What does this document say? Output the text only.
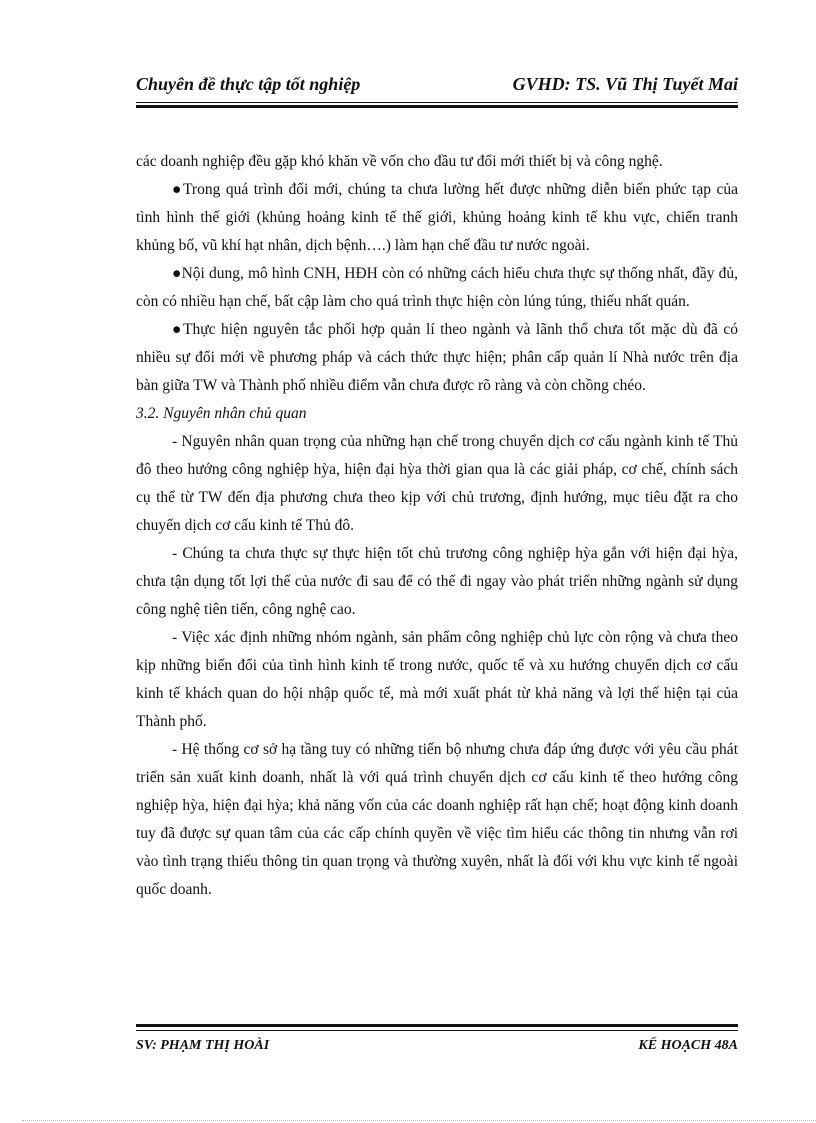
Chuyên đề thực tập tốt nghiệp	GVHD: TS. Vũ Thị Tuyết Mai

các doanh nghiệp đều gặp khó khăn về vốn cho đầu tư đổi mới thiết bị và công nghệ.

●Trong quá trình đổi mới, chúng ta chưa lường hết được những diễn biến phức tạp của tình hình thế giới (khủng hoảng kinh tế thế giới, khủng hoảng kinh tế khu vực, chiến tranh khủng bố, vũ khí hạt nhân, dịch bệnh….) làm hạn chế đầu tư nước ngoài.

●Nội dung, mô hình CNH, HĐH còn có những cách hiểu chưa thực sự thống nhất, đầy đủ, còn có nhiều hạn chế, bất cập làm cho quá trình thực hiện còn lúng túng, thiếu nhất quán.

●Thực hiện nguyên tắc phối hợp quản lí theo ngành và lãnh thổ chưa tốt mặc dù đã có nhiều sự đổi mới về phương pháp và cách thức thực hiện; phân cấp quản lí Nhà nước trên địa bàn giữa TW và Thành phố nhiều điểm vẫn chưa được rõ ràng và còn chồng chéo.

3.2. Nguyên nhân chủ quan

- Nguyên nhân quan trọng của những hạn chế trong chuyển dịch cơ cấu ngành kinh tế Thủ đô theo hướng công nghiệp hỳa, hiện đại hỳa thời gian qua là các giải pháp, cơ chế, chính sách cụ thể từ TW đến địa phương chưa theo kịp với chủ trương, định hướng, mục tiêu đặt ra cho chuyển dịch cơ cấu kinh tế Thủ đô.

- Chúng ta chưa thực sự thực hiện tốt chủ trương công nghiệp hỳa gắn với hiện đại hỳa, chưa tận dụng tốt lợi thế của nước đi sau để có thể đi ngay vào phát triển những ngành sử dụng công nghệ tiên tiến, công nghệ cao.

- Việc xác định những nhóm ngành, sản phẩm công nghiệp chủ lực còn rộng và chưa theo kịp những biến đổi của tình hình kinh tế trong nước, quốc tế và xu hướng chuyển dịch cơ cấu kinh tế khách quan do hội nhập quốc tế, mà mới xuất phát từ khả năng và lợi thế hiện tại của Thành phố.

- Hệ thống cơ sở hạ tầng tuy có những tiến bộ nhưng chưa đáp ứng được với yêu cầu phát triển sản xuất kinh doanh, nhất là với quá trình chuyển dịch cơ cấu kinh tế theo hướng công nghiệp hỳa, hiện đại hỳa; khả năng vốn của các doanh nghiệp rất hạn chế; hoạt động kinh doanh tuy đã được sự quan tâm của các cấp chính quyền về việc tìm hiểu các thông tin nhưng vẫn rơi vào tình trạng thiếu thông tin quan trọng và thường xuyên, nhất là đối với khu vực kinh tế ngoài quốc doanh.

SV: PHẠM THỊ HOÀI	KẾ HOẠCH 48A
